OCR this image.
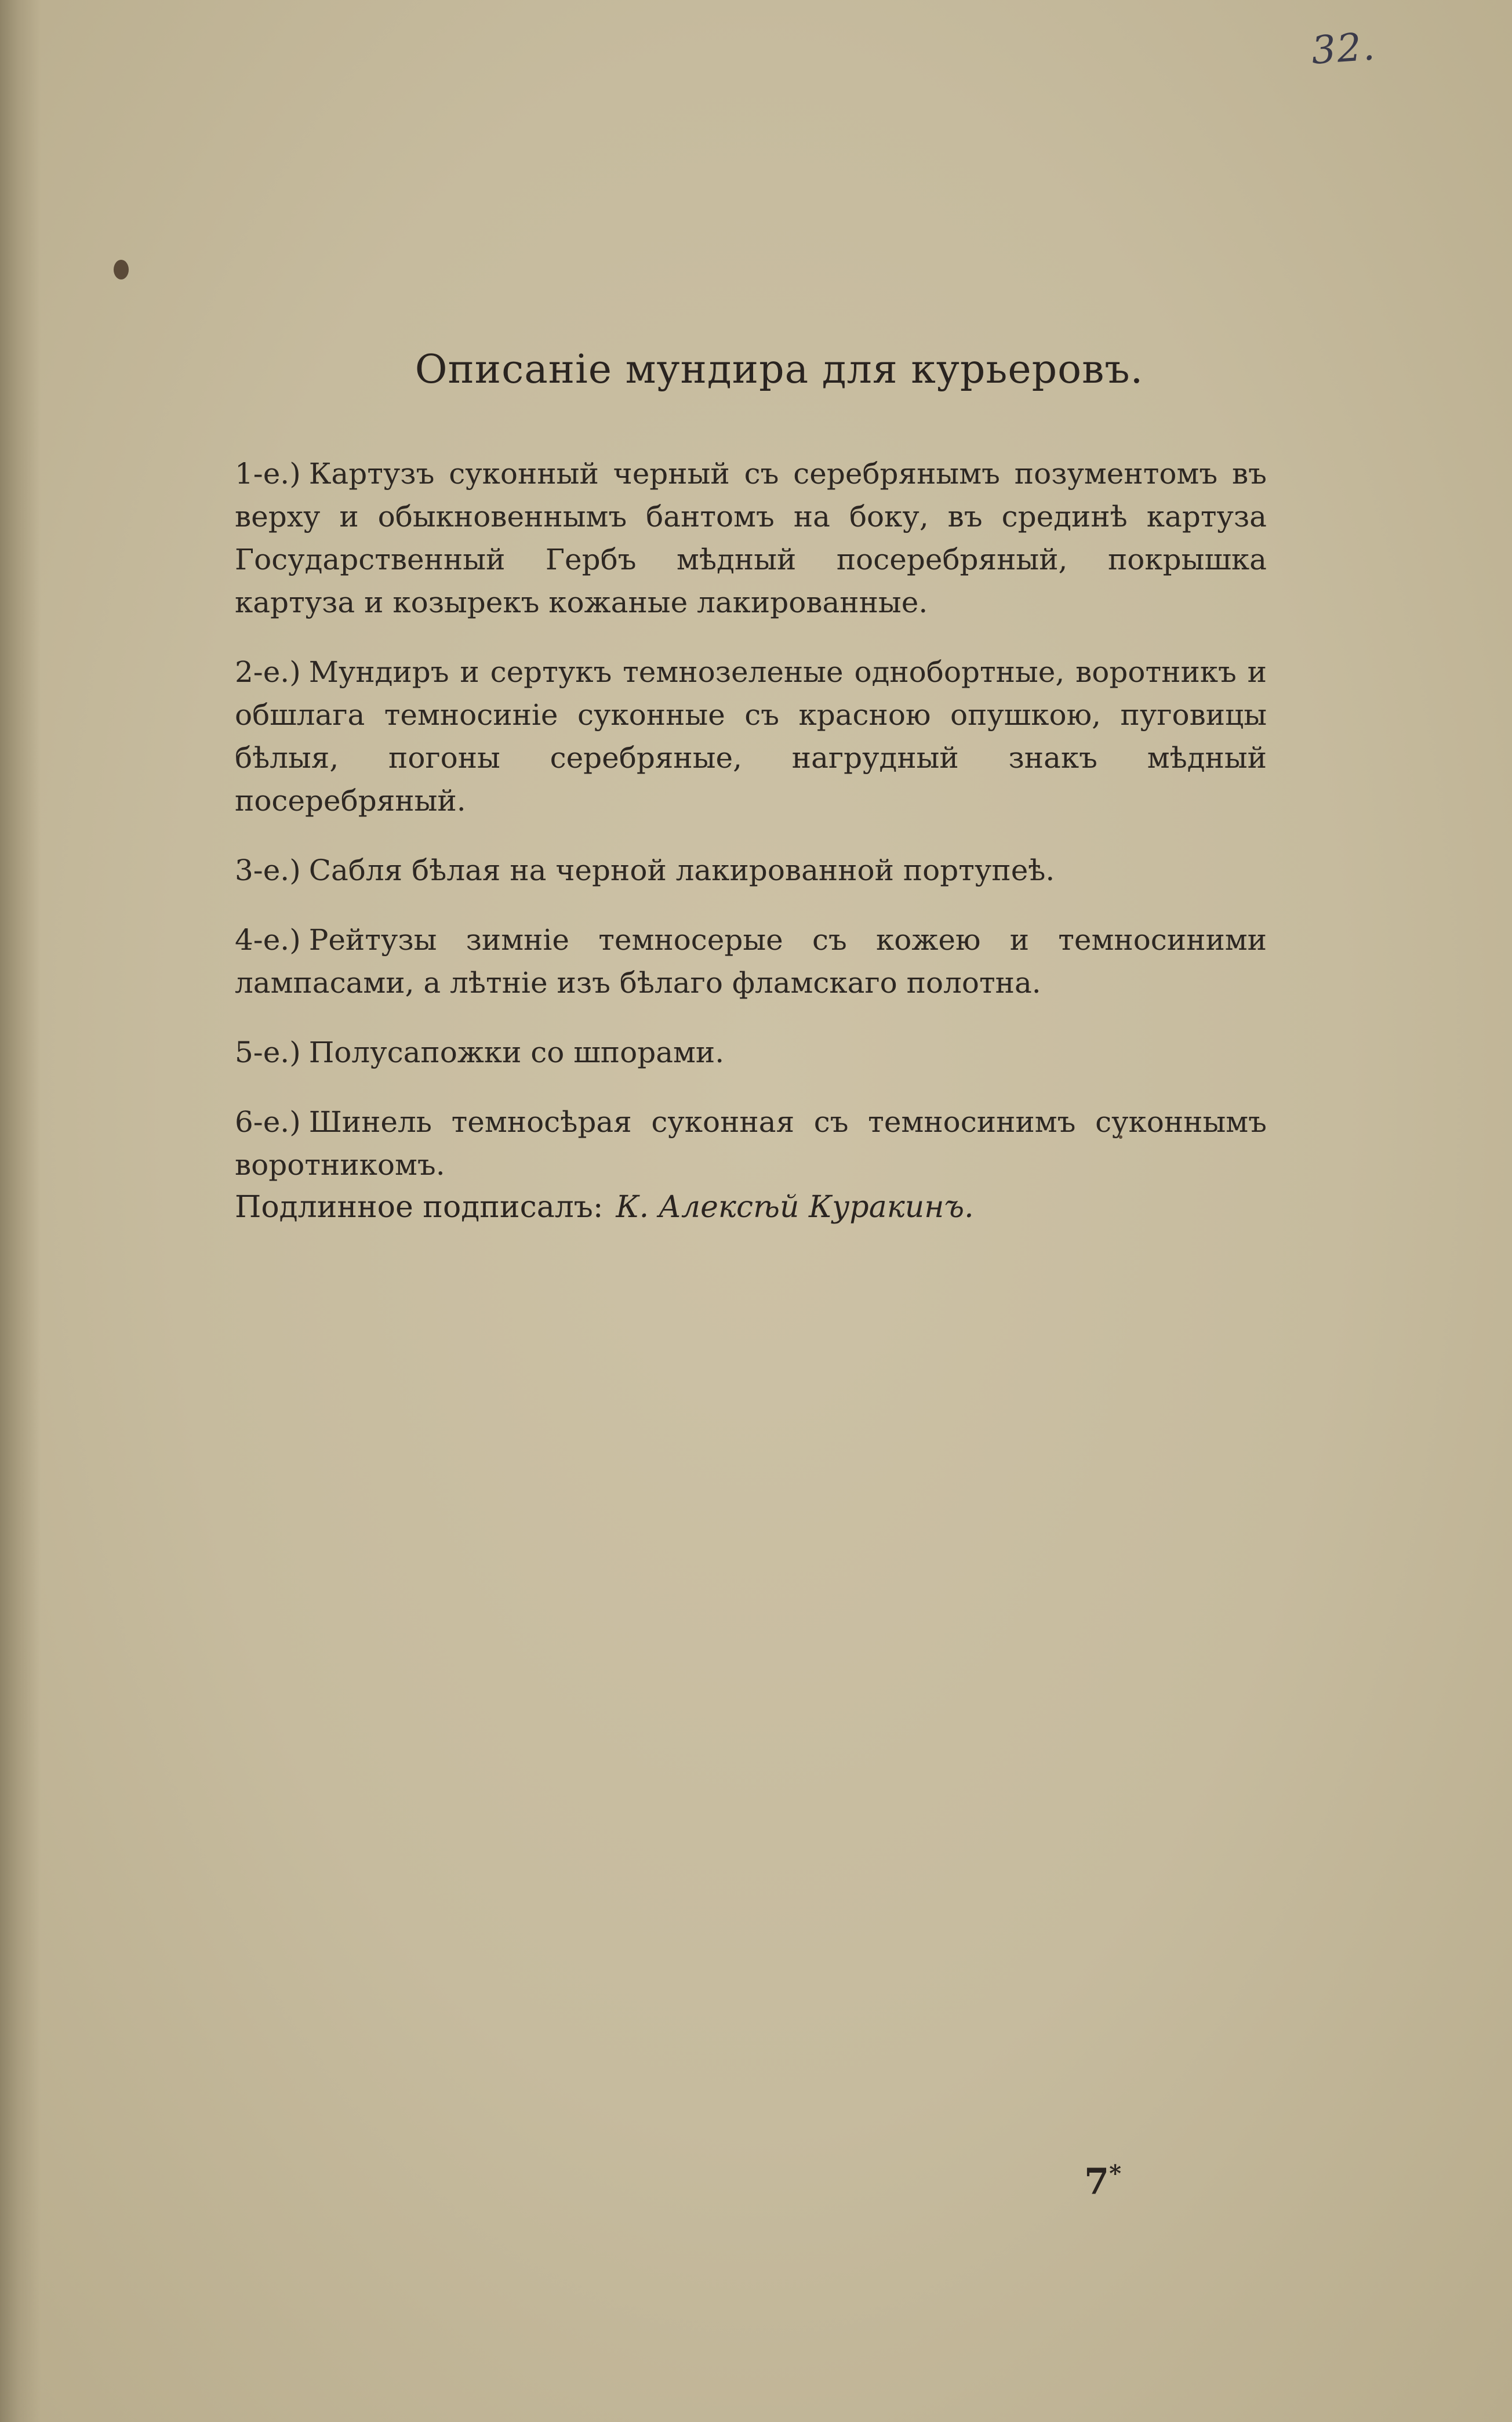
32.
Описаніе мундира для курьеровъ.

1-е.) Картузъ суконный черный съ серебрянымъ позументомъ въ верху и обыкновеннымъ бантомъ на боку, въ срединѣ картуза Государственный Гербъ мѣдный посеребряный, покрышка картуза и козырекъ кожаные лакированные.

2-е.) Мундиръ и сертукъ темнозеленые однобортные, воротникъ и обшлага темносиніе суконные съ красною опушкою, пуговицы бѣлыя, погоны серебряные, нагрудный знакъ мѣдный посеребряный.

3-е.) Сабля бѣлая на черной лакированной портупеѣ.

4-е.) Рейтузы зимніе темносерые съ кожею и темносиними лампасами, а лѣтніе изъ бѣлаго фламскаго полотна.

5-е.) Полусапожки со шпорами.

6-е.) Шинель темносѣрая суконная съ темносинимъ суконнымъ воротникомъ.

Подлинное подписалъ: К. Алексѣй Куракинъ.
7*
